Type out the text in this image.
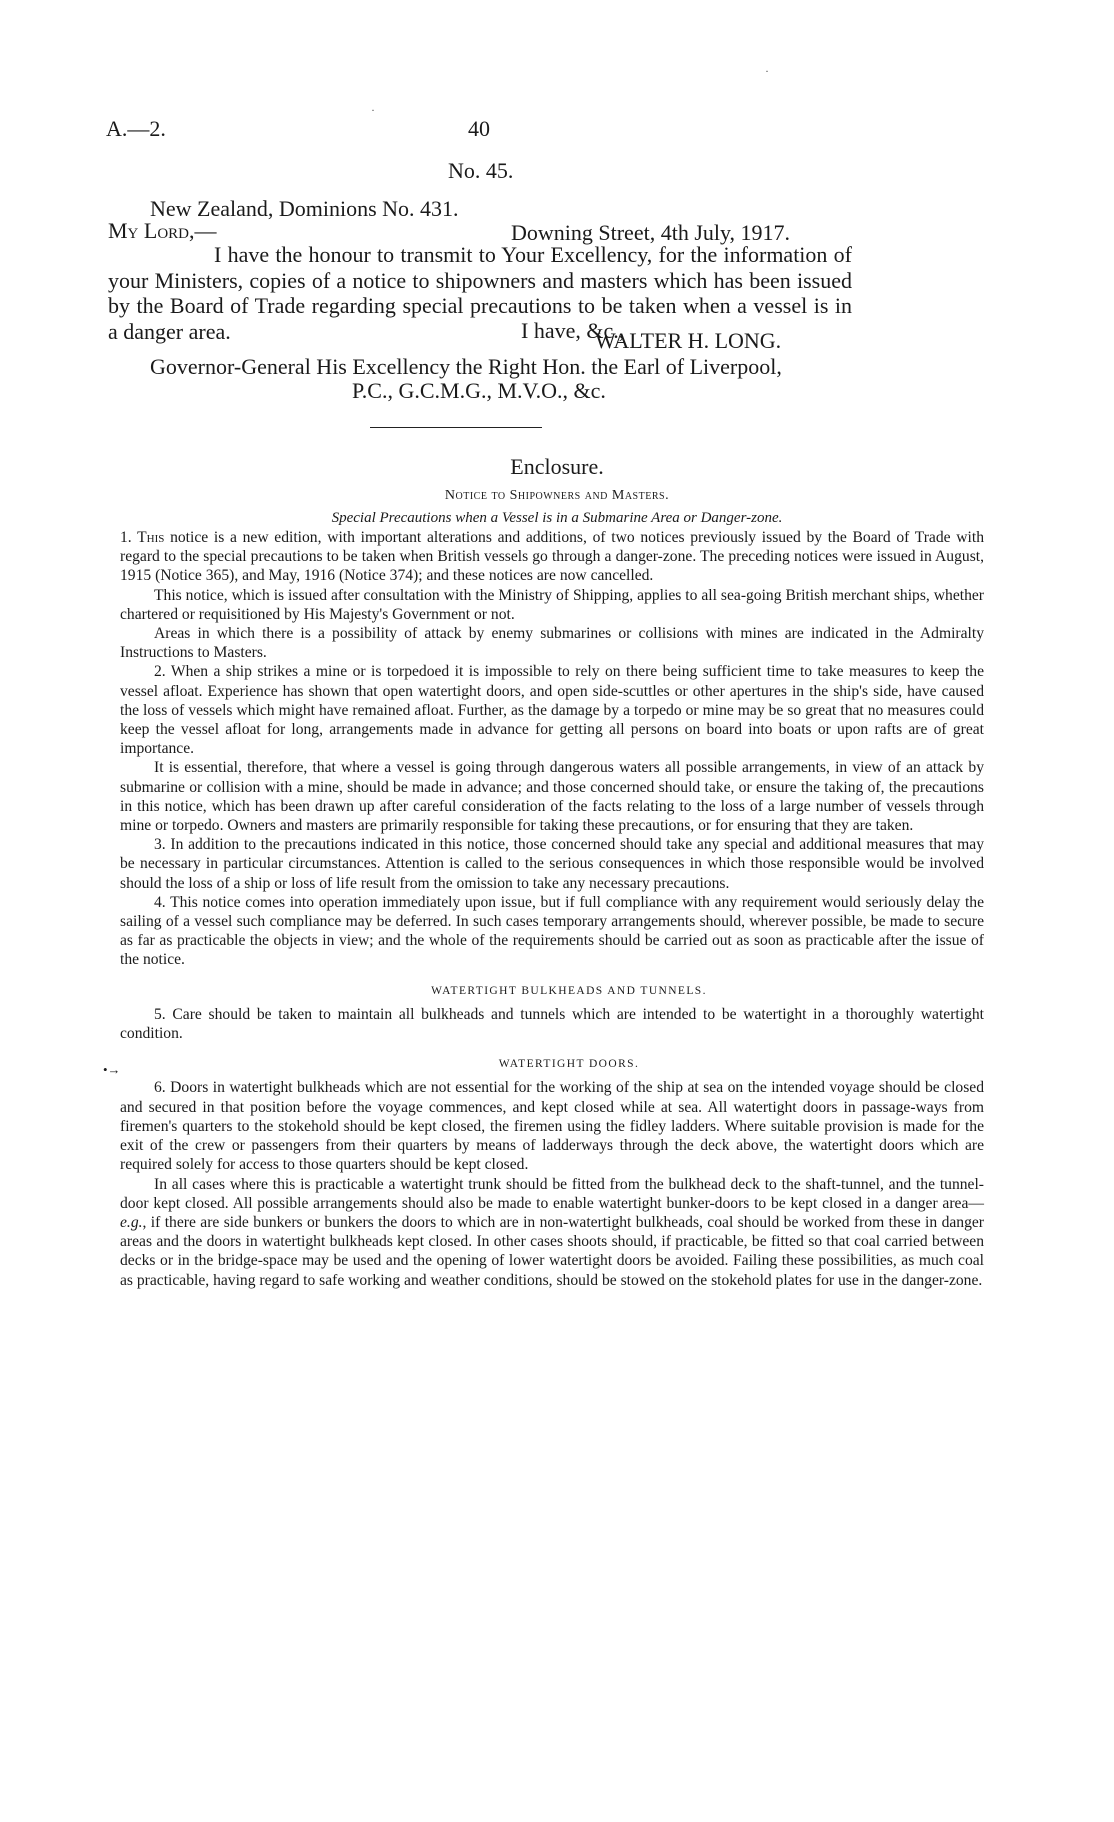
A.—2.	40
·
·
No. 45.
New Zealand, Dominions No. 431.
My Lord,—	Downing Street, 4th July, 1917.

I have the honour to transmit to Your Excellency, for the information of your Ministers, copies of a notice to shipowners and masters which has been issued by the Board of Trade regarding special precautions to be taken when a vessel is in a danger area.	I have, &c.,
WALTER H. LONG.
Governor-General His Excellency the Right Hon. the Earl of Liverpool,
P.C., G.C.M.G., M.V.O., &c.
Enclosure.
Notice to Shipowners and Masters.
Special Precautions when a Vessel is in a Submarine Area or Danger-zone.
•→

1. This notice is a new edition, with important alterations and additions, of two notices previously issued by the Board of Trade with regard to the special precautions to be taken when British vessels go through a danger-zone. The preceding notices were issued in August, 1915 (Notice 365), and May, 1916 (Notice 374); and these notices are now cancelled.

This notice, which is issued after consultation with the Ministry of Shipping, applies to all sea-going British merchant ships, whether chartered or requisitioned by His Majesty's Government or not.

Areas in which there is a possibility of attack by enemy submarines or collisions with mines are indicated in the Admiralty Instructions to Masters.

2. When a ship strikes a mine or is torpedoed it is impossible to rely on there being sufficient time to take measures to keep the vessel afloat. Experience has shown that open watertight doors, and open side-scuttles or other apertures in the ship's side, have caused the loss of vessels which might have remained afloat. Further, as the damage by a torpedo or mine may be so great that no measures could keep the vessel afloat for long, arrangements made in advance for getting all persons on board into boats or upon rafts are of great importance.

It is essential, therefore, that where a vessel is going through dangerous waters all possible arrangements, in view of an attack by submarine or collision with a mine, should be made in advance; and those concerned should take, or ensure the taking of, the precautions in this notice, which has been drawn up after careful consideration of the facts relating to the loss of a large number of vessels through mine or torpedo. Owners and masters are primarily responsible for taking these precautions, or for ensuring that they are taken.

3. In addition to the precautions indicated in this notice, those concerned should take any special and additional measures that may be necessary in particular circumstances. Attention is called to the serious consequences in which those responsible would be involved should the loss of a ship or loss of life result from the omission to take any necessary precautions.

4. This notice comes into operation immediately upon issue, but if full compliance with any requirement would seriously delay the sailing of a vessel such compliance may be deferred. In such cases temporary arrangements should, wherever possible, be made to secure as far as practicable the objects in view; and the whole of the requirements should be carried out as soon as practicable after the issue of the notice.

WATERTIGHT BULKHEADS AND TUNNELS.

5. Care should be taken to maintain all bulkheads and tunnels which are intended to be watertight in a thoroughly watertight condition.

WATERTIGHT DOORS.

6. Doors in watertight bulkheads which are not essential for the working of the ship at sea on the intended voyage should be closed and secured in that position before the voyage commences, and kept closed while at sea. All watertight doors in passage-ways from firemen's quarters to the stokehold should be kept closed, the firemen using the fidley ladders. Where suitable provision is made for the exit of the crew or passengers from their quarters by means of ladderways through the deck above, the watertight doors which are required solely for access to those quarters should be kept closed.

In all cases where this is practicable a watertight trunk should be fitted from the bulkhead deck to the shaft-tunnel, and the tunnel-door kept closed. All possible arrangements should also be made to enable watertight bunker-doors to be kept closed in a danger area—e.g., if there are side bunkers or bunkers the doors to which are in non-watertight bulkheads, coal should be worked from these in danger areas and the doors in watertight bulkheads kept closed. In other cases shoots should, if practicable, be fitted so that coal carried between decks or in the bridge-space may be used and the opening of lower watertight doors be avoided. Failing these possibilities, as much coal as practicable, having regard to safe working and weather conditions, should be stowed on the stokehold plates for use in the danger-zone.
